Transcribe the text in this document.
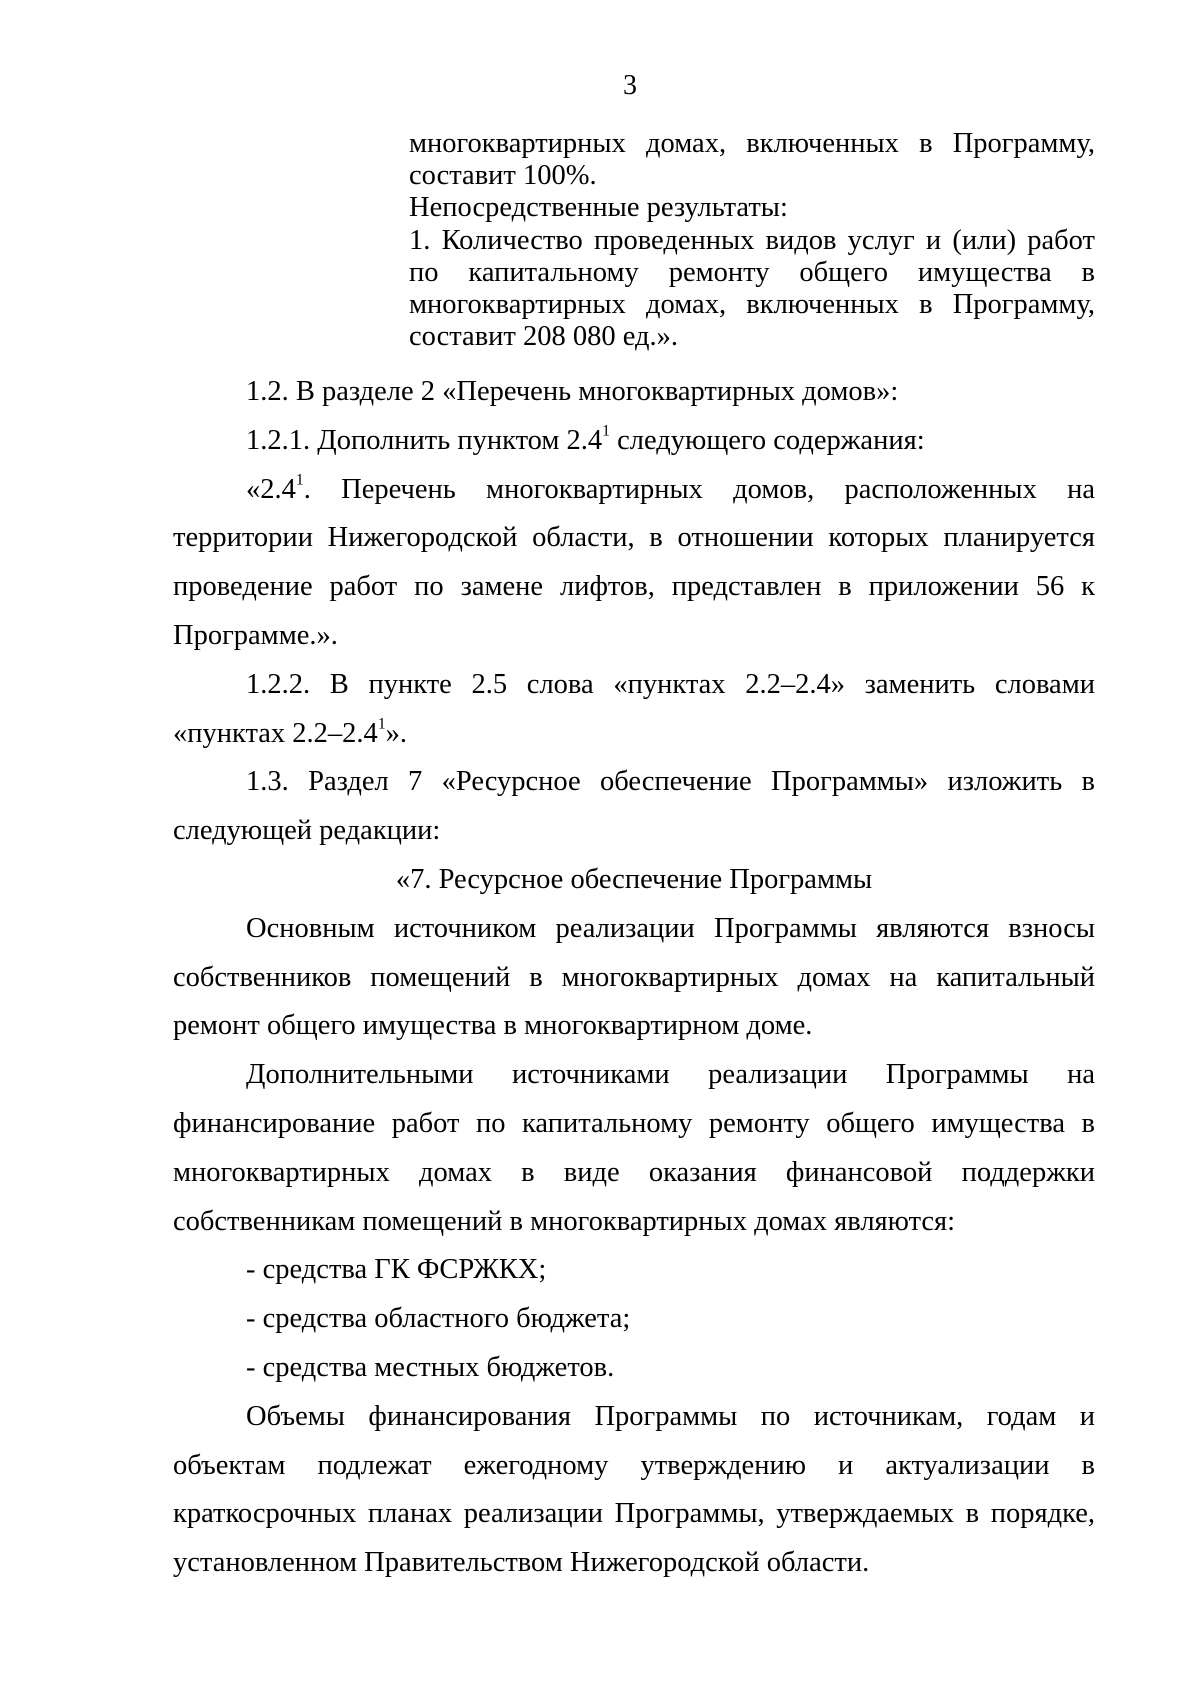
3

многоквартирных домах, включенных в Программу, составит 100%.

Непосредственные результаты:

1. Количество проведенных видов услуг и (или) работ по капитальному ремонту общего имущества в многоквартирных домах, включенных в Программу, составит 208 080 ед.».

1.2. В разделе 2 «Перечень многоквартирных домов»:

1.2.1. Дополнить пунктом $2.4^1$ следующего содержания:

«$2.4^1$. Перечень многоквартирных домов, расположенных на территории Нижегородской области, в отношении которых планируется проведение работ по замене лифтов, представлен в приложении 56 к Программе.».

1.2.2. В пункте 2.5 слова «пунктах 2.2–2.4» заменить словами «пунктах $2.2-2.4^1$».

1.3. Раздел 7 «Ресурсное обеспечение Программы» изложить в следующей редакции:

«7. Ресурсное обеспечение Программы

Основным источником реализации Программы являются взносы собственников помещений в многоквартирных домах на капитальный ремонт общего имущества в многоквартирном доме.

Дополнительными источниками реализации Программы на финансирование работ по капитальному ремонту общего имущества в многоквартирных домах в виде оказания финансовой поддержки собственникам помещений в многоквартирных домах являются:

- средства ГК ФСРЖКХ;

- средства областного бюджета;

- средства местных бюджетов.

Объемы финансирования Программы по источникам, годам и объектам подлежат ежегодному утверждению и актуализации в краткосрочных планах реализации Программы, утверждаемых в порядке, установленном Правительством Нижегородской области.
